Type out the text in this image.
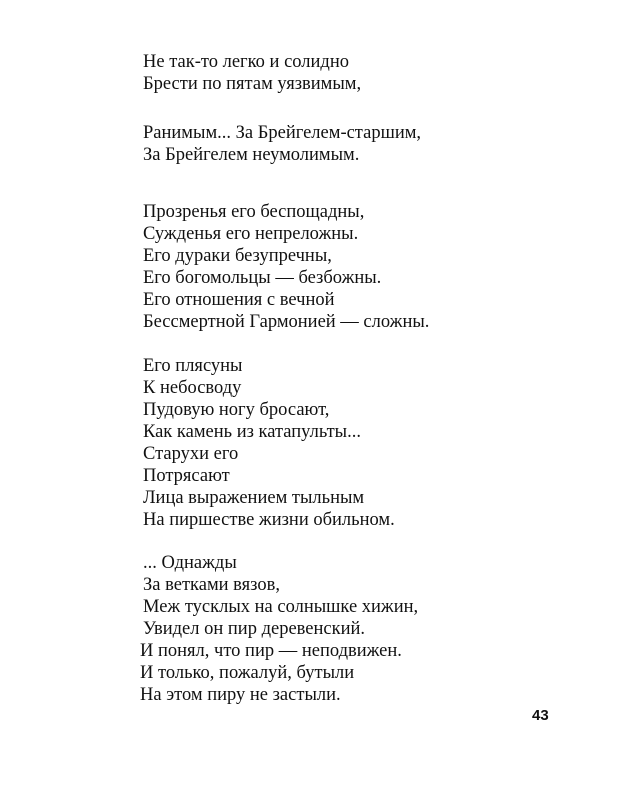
Не так-то легко и солидно
Брести по пятам уязвимым,
Ранимым... За Брейгелем-старшим,
За Брейгелем неумолимым.
Прозренья его беспощадны,
Сужденья его непреложны.
Его дураки безупречны,
Его богомольцы — безбожны.
Его отношения с вечной
Бессмертной Гармонией — сложны.
Его плясуны
К небосводу
Пудовую ногу бросают,
Как камень из катапульты...
Старухи его
Потрясают
Лица выражением тыльным
На пиршестве жизни обильном.
... Однажды
За ветками вязов,
Меж тусклых на солнышке хижин,
Увидел он пир деревенский.
И понял, что пир — неподвижен.
И только, пожалуй, бутыли
На этом пиру не застыли.
43
